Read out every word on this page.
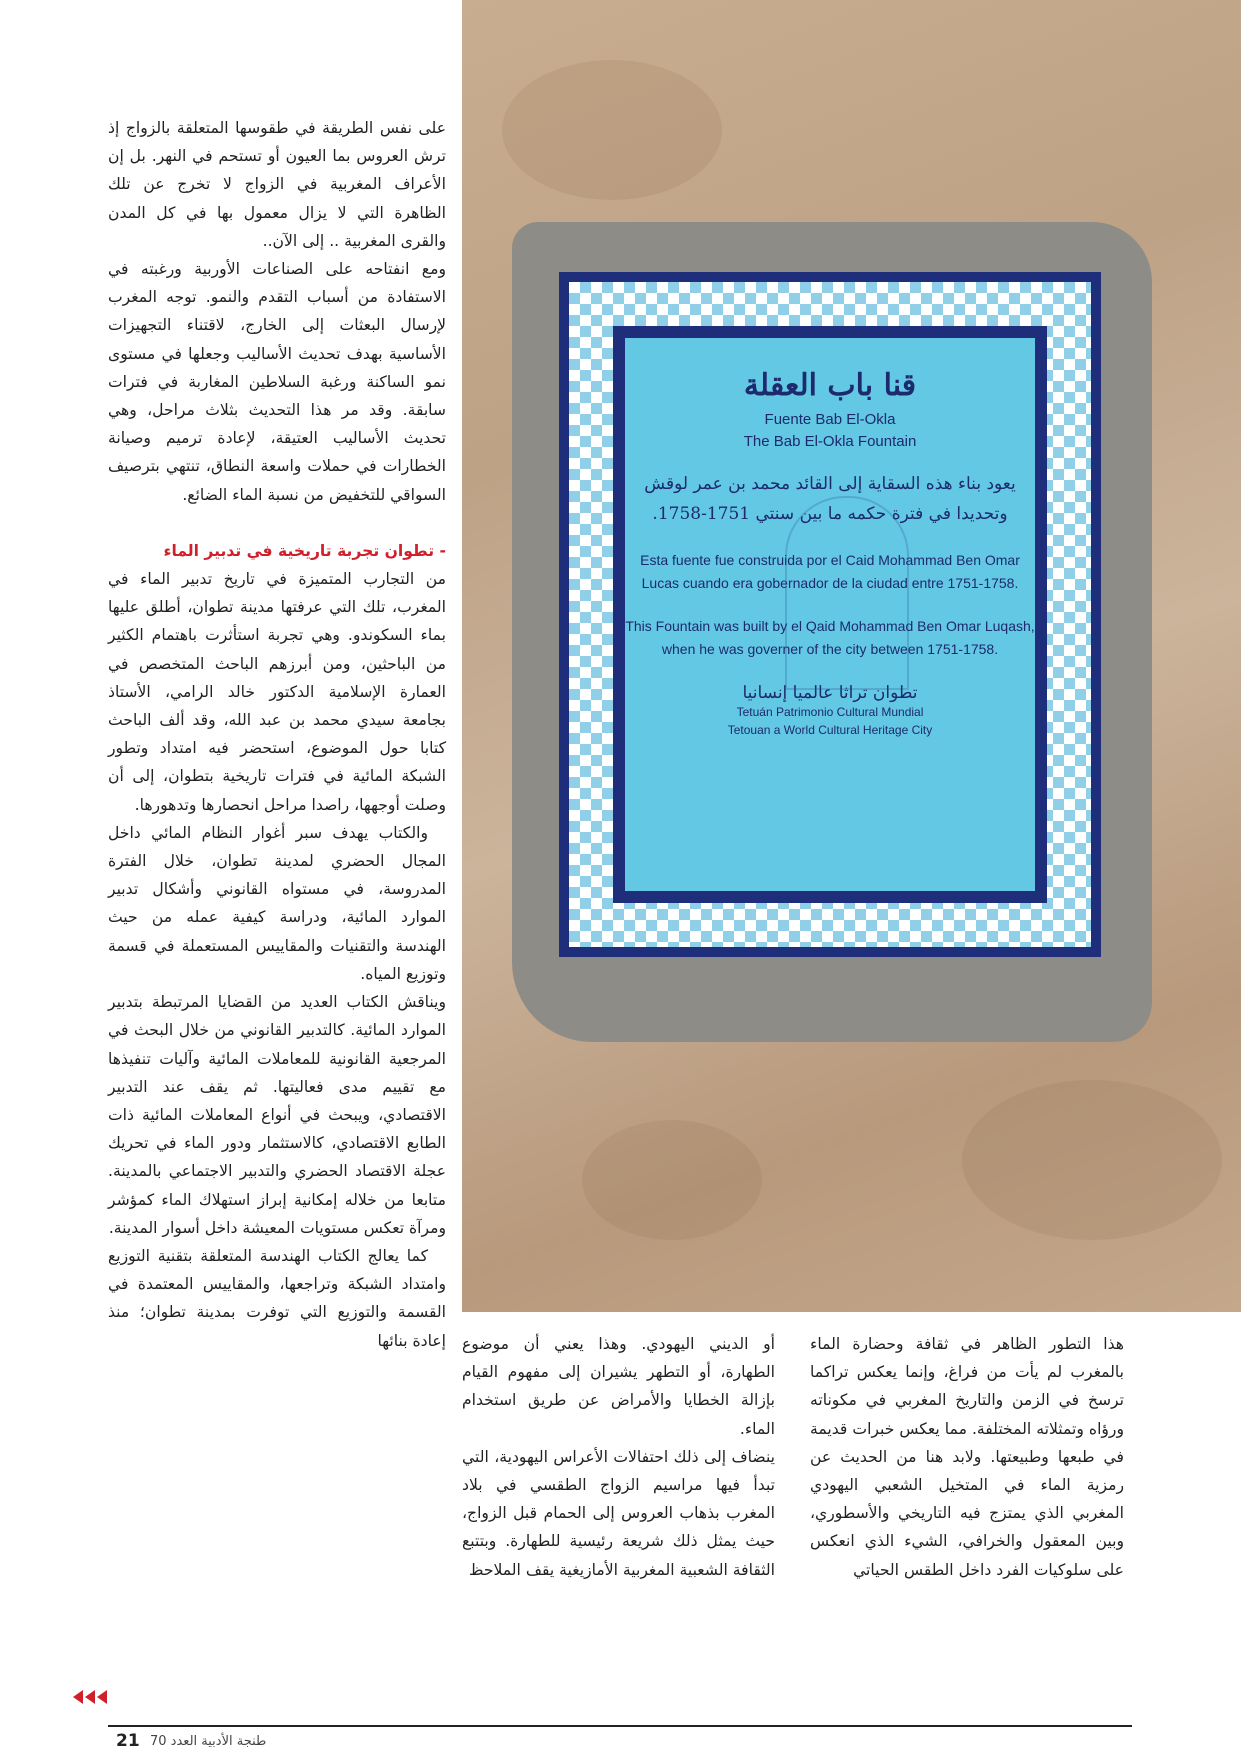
على نفس الطريقة في طقوسها المتعلقة بالزواج إذ ترش العروس بما العيون أو تستحم في النهر. بل إن الأعراف المغربية في الزواج لا تخرج عن تلك الظاهرة التي لا يزال معمول بها في كل المدن والقرى المغربية .. إلى الآن..

ومع انفتاحه على الصناعات الأوربية ورغبته في الاستفادة من أسباب التقدم والنمو. توجه المغرب لإرسال البعثات إلى الخارج، لاقتناء التجهيزات الأساسية بهدف تحديث الأساليب وجعلها في مستوى نمو الساكنة ورغبة السلاطين المغاربة في فترات سابقة. وقد مر هذا التحديث بثلاث مراحل، وهي تحديث الأساليب العتيقة، لإعادة ترميم وصيانة الخطارات في حملات واسعة النطاق، تنتهي بترصيف السواقي للتخفيض من نسبة الماء الضائع.

- تطوان تجربة تاريخية في تدبير الماء

من التجارب المتميزة في تاريخ تدبير الماء في المغرب، تلك التي عرفتها مدينة تطوان، أطلق عليها بماء السكوندو. وهي تجربة استأثرت باهتمام الكثير من الباحثين، ومن أبرزهم الباحث المتخصص في العمارة الإسلامية الدكتور خالد الرامي، الأستاذ بجامعة سيدي محمد بن عبد الله، وقد ألف الباحث كتابا حول الموضوع، استحضر فيه امتداد وتطور الشبكة المائية في فترات تاريخية بتطوان، إلى أن وصلت أوجهها، راصدا مراحل انحصارها وتدهورها.

والكتاب يهدف سبر أغوار النظام المائي داخل المجال الحضري لمدينة تطوان، خلال الفترة المدروسة، في مستواه القانوني وأشكال تدبير الموارد المائية، ودراسة كيفية عمله من حيث الهندسة والتقنيات والمقاييس المستعملة في قسمة وتوزيع المياه.

ويناقش الكتاب العديد من القضايا المرتبطة بتدبير الموارد المائية. كالتدبير القانوني من خلال البحث في المرجعية القانونية للمعاملات المائية وآليات تنفيذها مع تقييم مدى فعاليتها. ثم يقف عند التدبير الاقتصادي، ويبحث في أنواع المعاملات المائية ذات الطابع الاقتصادي، كالاستثمار ودور الماء في تحريك عجلة الاقتصاد الحضري والتدبير الاجتماعي بالمدينة. متابعا من خلاله إمكانية إبراز استهلاك الماء كمؤشر ومرآة تعكس مستويات المعيشة داخل أسوار المدينة.

كما يعالج الكتاب الهندسة المتعلقة بتقنية التوزيع وامتداد الشبكة وتراجعها، والمقاييس المعتمدة في القسمة والتوزيع التي توفرت بمدينة تطوان؛ منذ إعادة بنائها

قنا باب العقلة
Fuente Bab El-Okla
The Bab El-Okla Fountain
يعود بناء هذه السقاية إلى القائد محمد بن عمر لوقش وتحديدا في فترة حكمه ما بين سنتي 1751-1758.
Esta fuente fue construida por el Caid Mohammad Ben Omar Lucas cuando era gobernador de la ciudad entre 1751-1758.
This Fountain was built by el Qaid Mohammad Ben Omar Luqash, when he was governer of the city between 1751-1758.
تطوان تراثا عالميا إنسانيا
Tetuán Patrimonio Cultural Mundial
Tetouan a World Cultural Heritage City

أو الديني اليهودي. وهذا يعني أن موضوع الطهارة، أو التطهر يشيران إلى مفهوم القيام بإزالة الخطايا والأمراض عن طريق استخدام الماء.

ينضاف إلى ذلك احتفالات الأعراس اليهودية، التي تبدأ فيها مراسيم الزواج الطقسي في بلاد المغرب بذهاب العروس إلى الحمام قبل الزواج، حيث يمثل ذلك شريعة رئيسية للطهارة. وبتتبع الثقافة الشعبية المغربية الأمازيغية يقف الملاحظ

هذا التطور الظاهر في ثقافة وحضارة الماء بالمغرب لم يأت من فراغ، وإنما يعكس تراكما ترسخ في الزمن والتاريخ المغربي في مكوناته ورؤاه وتمثلاته المختلفة. مما يعكس خبرات قديمة في طبعها وطبيعتها. ولابد هنا من الحديث عن رمزية الماء في المتخيل الشعبي اليهودي المغربي الذي يمتزج فيه التاريخي والأسطوري، وبين المعقول والخرافي، الشيء الذي انعكس على سلوكيات الفرد داخل الطقس الحياتي

21 طنجة الأدبية العدد 70
